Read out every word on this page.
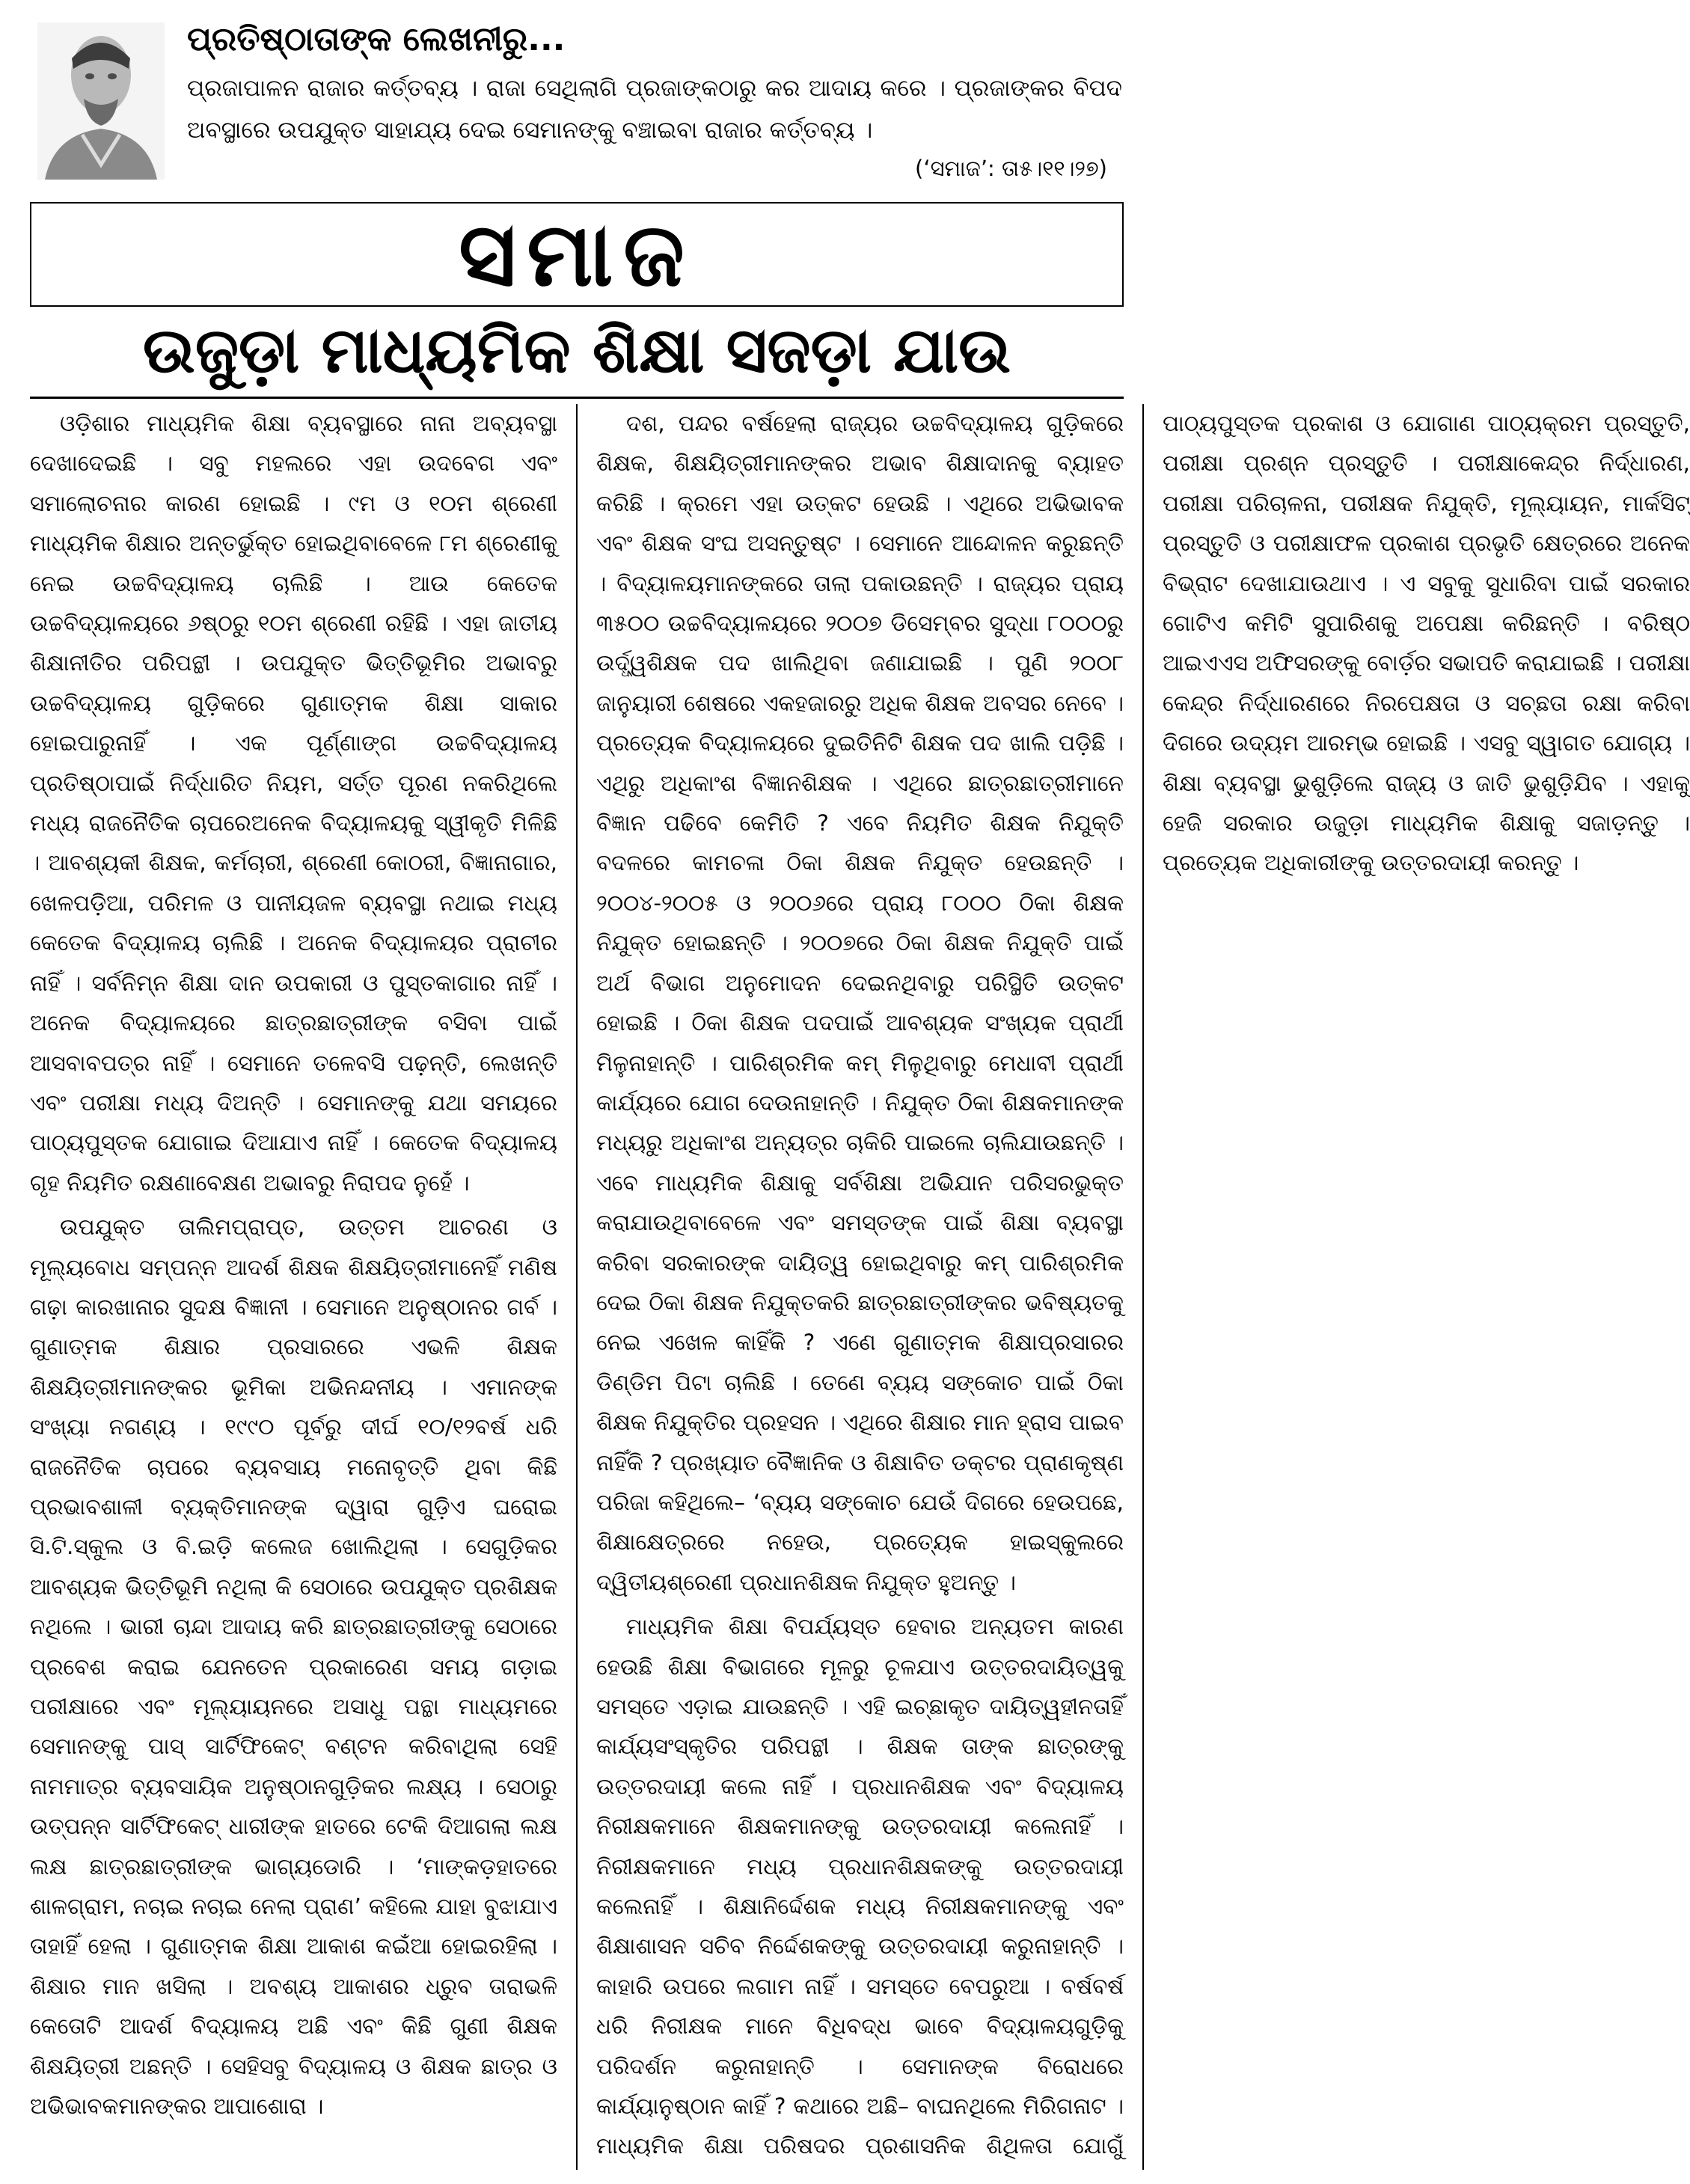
ପ୍ରତିଷ୍ଠାତାଙ୍କ ଲେଖନୀରୁ...
ପ୍ରଜାପାଳନ ରାଜାର କର୍ତ୍ତବ୍ୟ । ରାଜା ସେଥିଲାଗି ପ୍ରଜାଙ୍କଠାରୁ କର ଆଦାୟ କରେ । ପ୍ରଜାଙ୍କର ବିପଦ ଅବସ୍ଥାରେ ଉପଯୁକ୍ତ ସାହାଯ୍ୟ ଦେଇ ସେମାନଙ୍କୁ ବଞ୍ଚାଇବା ରାଜାର କର୍ତ୍ତବ୍ୟ ।
(‘ସମାଜ’: ତା୫।୧୧।୨୭)
ସମାଜ
ଉଜୁଡ଼ା ମାଧ୍ୟମିକ ଶିକ୍ଷା ସଜଡ଼ା ଯାଉ

ଓଡ଼ିଶାର ମାଧ୍ୟମିକ ଶିକ୍ଷା ବ୍ୟବସ୍ଥାରେ ନାନା ଅବ୍ୟବସ୍ଥା ଦେଖାଦେଇଛି । ସବୁ ମହଲରେ ଏହା ଉଦବେଗ ଏବଂ ସମାଲୋଚନାର କାରଣ ହୋଇଛି । ୯ମ ଓ ୧୦ମ ଶ୍ରେଣୀ ମାଧ୍ୟମିକ ଶିକ୍ଷାର ଅନ୍ତର୍ଭୁକ୍ତ ହୋଇଥିବାବେଳେ ୮ମ ଶ୍ରେଣୀକୁ ନେଇ ଉଚ୍ଚବିଦ୍ୟାଳୟ ଚାଲିଛି । ଆଉ କେତେକ ଉଚ୍ଚବିଦ୍ୟାଳୟରେ ୬ଷ୍ଠରୁ ୧୦ମ ଶ୍ରେଣୀ ରହିଛି । ଏହା ଜାତୀୟ ଶିକ୍ଷାନୀତିର ପରିପନ୍ଥୀ । ଉପଯୁକ୍ତ ଭିତ୍ତିଭୂମିର ଅଭାବରୁ ଉଚ୍ଚବିଦ୍ୟାଳୟ ଗୁଡ଼ିକରେ ଗୁଣାତ୍ମକ ଶିକ୍ଷା ସାକାର ହୋଇପାରୁନାହିଁ । ଏକ ପୂର୍ଣ୍ଣାଙ୍ଗ ଉଚ୍ଚବିଦ୍ୟାଳୟ ପ୍ରତିଷ୍ଠାପାଇଁ ନିର୍ଦ୍ଧାରିତ ନିୟମ, ସର୍ତ୍ତ ପୂରଣ ନକରିଥିଲେ ମଧ୍ୟ ରାଜନୈତିକ ଚାପରେଅନେକ ବିଦ୍ୟାଳୟକୁ ସ୍ୱୀକୃତି ମିଳିଛି । ଆବଶ୍ୟକୀ ଶିକ୍ଷକ, କର୍ମଚାରୀ, ଶ୍ରେଣୀ କୋଠରୀ, ବିଜ୍ଞାନାଗାର, ଖେଳପଡ଼ିଆ, ପରିମଳ ଓ ପାନୀୟଜଳ ବ୍ୟବସ୍ଥା ନଥାଇ ମଧ୍ୟ କେତେକ ବିଦ୍ୟାଳୟ ଚାଲିଛି । ଅନେକ ବିଦ୍ୟାଳୟର ପ୍ରାଚୀର ନାହିଁ । ସର୍ବନିମ୍ନ ଶିକ୍ଷା ଦାନ ଉପକାରୀ ଓ ପୁସ୍ତକାଗାର ନାହିଁ । ଅନେକ ବିଦ୍ୟାଳୟରେ ଛାତ୍ରଛାତ୍ରୀଙ୍କ ବସିବା ପାଇଁ ଆସବାବପତ୍ର ନାହିଁ । ସେମାନେ ତଳେବସି ପଢ଼ନ୍ତି, ଲେଖନ୍ତି ଏବଂ ପରୀକ୍ଷା ମଧ୍ୟ ଦିଅନ୍ତି । ସେମାନଙ୍କୁ ଯଥା ସମୟରେ ପାଠ୍ୟପୁସ୍ତକ ଯୋଗାଇ ଦିଆଯାଏ ନାହିଁ । କେତେକ ବିଦ୍ୟାଳୟ ଗୃହ ନିୟମିତ ରକ୍ଷଣାବେକ୍ଷଣ ଅଭାବରୁ ନିରାପଦ ନୁହେଁ ।

ଉପଯୁକ୍ତ ତାଲିମପ୍ରାପ୍ତ, ଉତ୍ତମ ଆଚରଣ ଓ ମୂଲ୍ୟବୋଧ ସମ୍ପନ୍ନ ଆଦର୍ଶ ଶିକ୍ଷକ ଶିକ୍ଷୟିତ୍ରୀମାନେହିଁ ମଣିଷ ଗଢ଼ା କାରଖାନାର ସୁଦକ୍ଷ ବିଜ୍ଞାନୀ । ସେମାନେ ଅନୁଷ୍ଠାନର ଗର୍ବ । ଗୁଣାତ୍ମକ ଶିକ୍ଷାର ପ୍ରସାରରେ ଏଭଳି ଶିକ୍ଷକ ଶିକ୍ଷୟିତ୍ରୀମାନଙ୍କର ଭୂମିକା ଅଭିନନ୍ଦନୀୟ । ଏମାନଙ୍କ ସଂଖ୍ୟା ନଗଣ୍ୟ । ୧୯୯୦ ପୂର୍ବରୁ ଦୀର୍ଘ ୧୦/୧୨ବର୍ଷ ଧରି ରାଜନୈତିକ ଚାପରେ ବ୍ୟବସାୟ ମନୋବୃତ୍ତି ଥିବା କିଛି ପ୍ରଭାବଶାଳୀ ବ୍ୟକ୍ତିମାନଙ୍କ ଦ୍ୱାରା ଗୁଡ଼ିଏ ଘରୋଇ ସି.ଟି.ସ୍କୁଲ ଓ ବି.ଇଡ଼ି କଲେଜ ଖୋଲିଥିଲା । ସେଗୁଡ଼ିକର ଆବଶ୍ୟକ ଭିତ୍ତିଭୂମି ନଥିଲା କି ସେଠାରେ ଉପଯୁକ୍ତ ପ୍ରଶିକ୍ଷକ ନଥିଲେ । ଭାରୀ ଚାନ୍ଦା ଆଦାୟ କରି ଛାତ୍ରଛାତ୍ରୀଙ୍କୁ ସେଠାରେ ପ୍ରବେଶ କରାଇ ଯେନତେନ ପ୍ରକାରେଣ ସମୟ ଗଡ଼ାଇ ପରୀକ୍ଷାରେ ଏବଂ ମୂଲ୍ୟାୟନରେ ଅସାଧୁ ପନ୍ଥା ମାଧ୍ୟମରେ ସେମାନଙ୍କୁ ପାସ୍ ସାର୍ଟିଫିକେଟ୍ ବଣ୍ଟନ କରିବାଥିଲା ସେହି ନାମମାତ୍ର ବ୍ୟବସାୟିକ ଅନୁଷ୍ଠାନଗୁଡ଼ିକର ଲକ୍ଷ୍ୟ । ସେଠାରୁ ଉତ୍ପନ୍ନ ସାର୍ଟିଫିକେଟ୍ ଧାରୀଙ୍କ ହାତରେ ଟେକି ଦିଆଗଲା ଲକ୍ଷ ଲକ୍ଷ ଛାତ୍ରଛାତ୍ରୀଙ୍କ ଭାଗ୍ୟଡୋରି । ‘ମାଙ୍କଡ଼ହାତରେ ଶାଳଗ୍ରାମ, ନଚାଇ ନଚାଇ ନେଲା ପ୍ରାଣ’ କହିଲେ ଯାହା ବୁଝାଯାଏ ତାହାହିଁ ହେଲା । ଗୁଣାତ୍ମକ ଶିକ୍ଷା ଆକାଶ କଇଁଆ ହୋଇରହିଲା । ଶିକ୍ଷାର ମାନ ଖସିଲା । ଅବଶ୍ୟ ଆକାଶର ଧ୍ରୁବ ତାରାଭଳି କେତୋଟି ଆଦର୍ଶ ବିଦ୍ୟାଳୟ ଅଛି ଏବଂ କିଛି ଗୁଣୀ ଶିକ୍ଷକ ଶିକ୍ଷୟିତ୍ରୀ ଅଛନ୍ତି । ସେହିସବୁ ବିଦ୍ୟାଳୟ ଓ ଶିକ୍ଷକ ଛାତ୍ର ଓ ଅଭିଭାବକମାନଙ୍କର ଆପାଶୋରା ।

ଦଶ, ପନ୍ଦର ବର୍ଷହେଲା ରାଜ୍ୟର ଉଚ୍ଚବିଦ୍ୟାଳୟ ଗୁଡ଼ିକରେ ଶିକ୍ଷକ, ଶିକ୍ଷୟିତ୍ରୀମାନଙ୍କର ଅଭାବ ଶିକ୍ଷାଦାନକୁ ବ୍ୟାହତ କରିଛି । କ୍ରମେ ଏହା ଉତ୍କଟ ହେଉଛି । ଏଥିରେ ଅଭିଭାବକ ଏବଂ ଶିକ୍ଷକ ସଂଘ ଅସନ୍ତୁଷ୍ଟ । ସେମାନେ ଆନ୍ଦୋଳନ କରୁଛନ୍ତି । ବିଦ୍ୟାଳୟମାନଙ୍କରେ ତାଲା ପକାଉଛନ୍ତି । ରାଜ୍ୟର ପ୍ରାୟ ୩୫୦୦ ଉଚ୍ଚବିଦ୍ୟାଳୟରେ ୨୦୦୭ ଡିସେମ୍ବର ସୁଦ୍ଧା ୮୦୦୦ରୁ ଉର୍ଦ୍ଧ୍ୱଶିକ୍ଷକ ପଦ ଖାଲିଥିବା ଜଣାଯାଇଛି । ପୁଣି ୨୦୦୮ ଜାନୁୟାରୀ ଶେଷରେ ଏକହଜାରରୁ ଅଧିକ ଶିକ୍ଷକ ଅବସର ନେବେ । ପ୍ରତ୍ୟେକ ବିଦ୍ୟାଳୟରେ ଦୁଇତିନିଟି ଶିକ୍ଷକ ପଦ ଖାଲି ପଡ଼ିଛି । ଏଥିରୁ ଅଧିକାଂଶ ବିଜ୍ଞାନଶିକ୍ଷକ । ଏଥିରେ ଛାତ୍ରଛାତ୍ରୀମାନେ ବିଜ୍ଞାନ ପଢିବେ କେମିତି ? ଏବେ ନିୟମିତ ଶିକ୍ଷକ ନିଯୁକ୍ତି ବଦଳରେ କାମଚଳା ଠିକା ଶିକ୍ଷକ ନିଯୁକ୍ତ ହେଉଛନ୍ତି । ୨୦୦୪-୨୦୦୫ ଓ ୨୦୦୬ରେ ପ୍ରାୟ ୮୦୦୦ ଠିକା ଶିକ୍ଷକ ନିଯୁକ୍ତ ହୋଇଛନ୍ତି । ୨୦୦୭ରେ ଠିକା ଶିକ୍ଷକ ନିଯୁକ୍ତି ପାଇଁ ଅର୍ଥ ବିଭାଗ ଅନୁମୋଦନ ଦେଇନଥିବାରୁ ପରିସ୍ଥିତି ଉତ୍କଟ ହୋଇଛି । ଠିକା ଶିକ୍ଷକ ପଦପାଇଁ ଆବଶ୍ୟକ ସଂଖ୍ୟକ ପ୍ରାର୍ଥୀ ମିଳୁନାହାନ୍ତି । ପାରିଶ୍ରମିକ କମ୍ ମିଳୁଥିବାରୁ ମେଧାବୀ ପ୍ରାର୍ଥୀ କାର୍ଯ୍ୟରେ ଯୋଗ ଦେଉନାହାନ୍ତି । ନିଯୁକ୍ତ ଠିକା ଶିକ୍ଷକମାନଙ୍କ ମଧ୍ୟରୁ ଅଧିକାଂଶ ଅନ୍ୟତ୍ର ଚାକିରି ପାଇଲେ ଚାଲିଯାଉଛନ୍ତି । ଏବେ ମାଧ୍ୟମିକ ଶିକ୍ଷାକୁ ସର୍ବଶିକ୍ଷା ଅଭିଯାନ ପରିସରଭୁକ୍ତ କରାଯାଉଥିବାବେଳେ ଏବଂ ସମସ୍ତଙ୍କ ପାଇଁ ଶିକ୍ଷା ବ୍ୟବସ୍ଥା କରିବା ସରକାରଙ୍କ ଦାୟିତ୍ୱ ହୋଇଥିବାରୁ କମ୍ ପାରିଶ୍ରମିକ ଦେଇ ଠିକା ଶିକ୍ଷକ ନିଯୁକ୍ତକରି ଛାତ୍ରଛାତ୍ରୀଙ୍କର ଭବିଷ୍ୟତକୁ ନେଇ ଏଖେଳ କାହିଁକି ? ଏଣେ ଗୁଣାତ୍ମକ ଶିକ୍ଷାପ୍ରସାରର ଡିଣ୍ଡିମ ପିଟା ଚାଲିଛି । ତେଣେ ବ୍ୟୟ ସଙ୍କୋଚ ପାଇଁ ଠିକା ଶିକ୍ଷକ ନିଯୁକ୍ତିର ପ୍ରହସନ । ଏଥିରେ ଶିକ୍ଷାର ମାନ ହ୍ରାସ ପାଇବ ନାହିଁକି ? ପ୍ରଖ୍ୟାତ ବୈଜ୍ଞାନିକ ଓ ଶିକ୍ଷାବିତ ଡକ୍ଟର ପ୍ରାଣକୃଷ୍ଣ ପରିଜା କହିଥିଲେ– ‘ବ୍ୟୟ ସଙ୍କୋଚ ଯେଉଁ ଦିଗରେ ହେଉପଛେ, ଶିକ୍ଷାକ୍ଷେତ୍ରରେ ନହେଉ, ପ୍ରତ୍ୟେକ ହାଇସ୍କୁଲରେ ଦ୍ୱିତୀୟଶ୍ରେଣୀ ପ୍ରଧାନଶିକ୍ଷକ ନିଯୁକ୍ତ ହୁଅନ୍ତୁ ।

ମାଧ୍ୟମିକ ଶିକ୍ଷା ବିପର୍ଯ୍ୟସ୍ତ ହେବାର ଅନ୍ୟତମ କାରଣ ହେଉଛି ଶିକ୍ଷା ବିଭାଗରେ ମୂଳରୁ ଚୂଳଯାଏ ଉତ୍ତରଦାୟିତ୍ୱକୁ ସମସ୍ତେ ଏଡ଼ାଇ ଯାଉଛନ୍ତି । ଏହି ଇଚ୍ଛାକୃତ ଦାୟିତ୍ୱହୀନତାହିଁ କାର୍ଯ୍ୟସଂସ୍କୃତିର ପରିପନ୍ଥୀ । ଶିକ୍ଷକ ତାଙ୍କ ଛାତ୍ରଙ୍କୁ ଉତ୍ତରଦାୟୀ କଲେ ନାହିଁ । ପ୍ରଧାନଶିକ୍ଷକ ଏବଂ ବିଦ୍ୟାଳୟ ନିରୀକ୍ଷକମାନେ ଶିକ୍ଷକମାନଙ୍କୁ ଉତ୍ତରଦାୟୀ କଲେନାହିଁ । ନିରୀକ୍ଷକମାନେ ମଧ୍ୟ ପ୍ରଧାନଶିକ୍ଷକଙ୍କୁ ଉତ୍ତରଦାୟୀ କଲେନାହିଁ । ଶିକ୍ଷାନିର୍ଦ୍ଦେଶକ ମଧ୍ୟ ନିରୀକ୍ଷକମାନଙ୍କୁ ଏବଂ ଶିକ୍ଷାଶାସନ ସଚିବ ନିର୍ଦ୍ଦେଶକଙ୍କୁ ଉତ୍ତରଦାୟୀ କରୁନାହାନ୍ତି । କାହାରି ଉପରେ ଲଗାମ ନାହିଁ । ସମସ୍ତେ ବେପରୁଆ । ବର୍ଷବର୍ଷ ଧରି ନିରୀକ୍ଷକ ମାନେ ବିଧିବଦ୍ଧ ଭାବେ ବିଦ୍ୟାଳୟଗୁଡ଼ିକୁ ପରିଦର୍ଶନ କରୁନାହାନ୍ତି । ସେମାନଙ୍କ ବିରୋଧରେ କାର୍ଯ୍ୟାନୁଷ୍ଠାନ କାହିଁ ? କଥାରେ ଅଛି– ବାଘନଥିଲେ ମିରିଗନାଟ । ମାଧ୍ୟମିକ ଶିକ୍ଷା ପରିଷଦର ପ୍ରଶାସନିକ ଶିଥିଳତା ଯୋଗୁଁ ପାଠ୍ୟପୁସ୍ତକ ପ୍ରକାଶ ଓ ଯୋଗାଣ ପାଠ୍ୟକ୍ରମ ପ୍ରସ୍ତୁତି, ପରୀକ୍ଷା ପ୍ରଶ୍ନ ପ୍ରସ୍ତୁତି । ପରୀକ୍ଷାକେନ୍ଦ୍ର ନିର୍ଦ୍ଧାରଣ, ପରୀକ୍ଷା ପରିଚାଳନା, ପରୀକ୍ଷକ ନିଯୁକ୍ତି, ମୂଲ୍ୟାୟନ, ମାର୍କସିଟ୍ ପ୍ରସ୍ତୁତି ଓ ପରୀକ୍ଷାଫଳ ପ୍ରକାଶ ପ୍ରଭୃତି କ୍ଷେତ୍ରରେ ଅନେକ ବିଭ୍ରାଟ ଦେଖାଯାଉଥାଏ । ଏ ସବୁକୁ ସୁଧାରିବା ପାଇଁ ସରକାର ଗୋଟିଏ କମିଟି ସୁପାରିଶକୁ ଅପେକ୍ଷା କରିଛନ୍ତି । ବରିଷ୍ଠ ଆଇଏଏସ ଅଫିସରଙ୍କୁ ବୋର୍ଡ଼ର ସଭାପତି କରାଯାଇଛି । ପରୀକ୍ଷା କେନ୍ଦ୍ର ନିର୍ଦ୍ଧାରଣରେ ନିରପେକ୍ଷତା ଓ ସଚ୍ଛତା ରକ୍ଷା କରିବା ଦିଗରେ ଉଦ୍ୟମ ଆରମ୍ଭ ହୋଇଛି । ଏସବୁ ସ୍ୱାଗତ ଯୋଗ୍ୟ । ଶିକ୍ଷା ବ୍ୟବସ୍ଥା ଭୁଶୁଡ଼ିଲେ ରାଜ୍ୟ ଓ ଜାତି ଭୁଶୁଡ଼ିଯିବ । ଏହାକୁ ହେଜି ସରକାର ଉଜୁଡ଼ା ମାଧ୍ୟମିକ ଶିକ୍ଷାକୁ ସଜାଡ଼ନ୍ତୁ । ପ୍ରତ୍ୟେକ ଅଧିକାରୀଙ୍କୁ ଉତ୍ତରଦାୟୀ କରନ୍ତୁ ।
